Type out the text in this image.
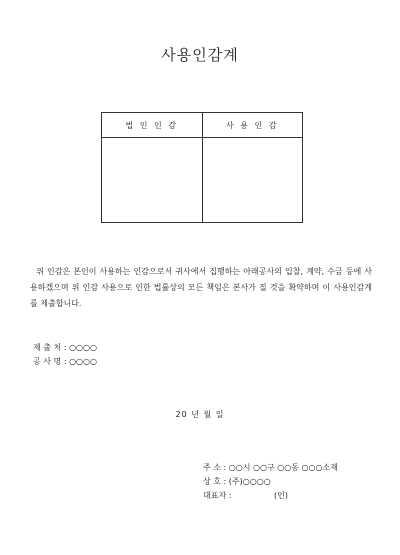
사용인감계
법 인 인 감	사 용 인 감

위 인감은 본인이 사용하는 인감으로서 귀사에서 집행하는 아래공사의 입찰, 계약, 수금 등에 사용하겠으며 위 인감 사용으로 인한 법률상의 모든 책임은 본사가 질 것을 확약하며 이 사용인감계를 제출합니다.
제 출 처 : ○○○○
공 사 명 : ○○○○
20 년 월 일
주 소 : ○○시 ○○구 ○○동 ○○○소재
상 호 : (주)○○○○
대표자 :	(인)
